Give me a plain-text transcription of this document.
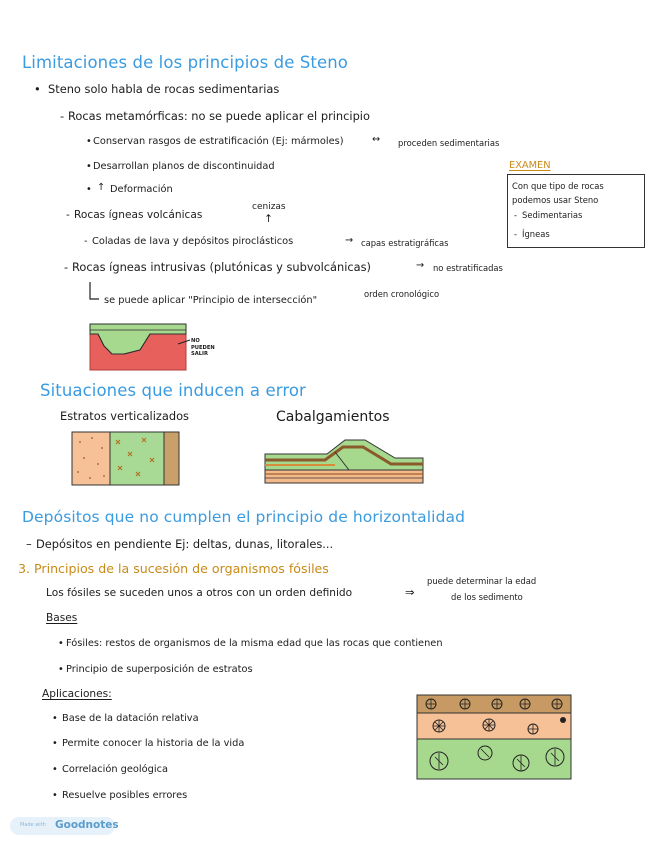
Limitaciones de los principios de Steno
• Steno solo habla de rocas sedimentarias
- Rocas metamórficas: no se puede aplicar el principio
• Conservan rasgos de estratificación (Ej: mármoles)	↔ proceden sedimentarias
• Desarrollan planos de discontinuidad
• ↑ Deformación
- Rocas ígneas volcánicas
cenizas
↑
- Coladas de lava y depósitos piroclásticos	→ capas estratigráficas
- Rocas ígneas intrusivas (plutónicas y subvolcánicas)	→ no estratificadas
se puede aplicar "Principio de intersección"
orden cronológico
NO PUEDEN SALIR
EXAMEN
Con que tipo de rocas
podemos usar Steno
- Sedimentarias
- Ígneas
Situaciones que inducen a error
Estratos verticalizados	Cabalgamientos
Depósitos que no cumplen el principio de horizontalidad
– Depósitos en pendiente Ej: deltas, dunas, litorales...
3. Principios de la sucesión de organismos fósiles
Los fósiles se suceden unos a otros con un orden definido	⇒
puede determinar la edad
de los sedimento
Bases
• Fósiles: restos de organismos de la misma edad que las rocas que contienen
• Principio de superposición de estratos
Aplicaciones:
• Base de la datación relativa
• Permite conocer la historia de la vida
• Correlación geológica
• Resuelve posibles errores
Made with Goodnotes
